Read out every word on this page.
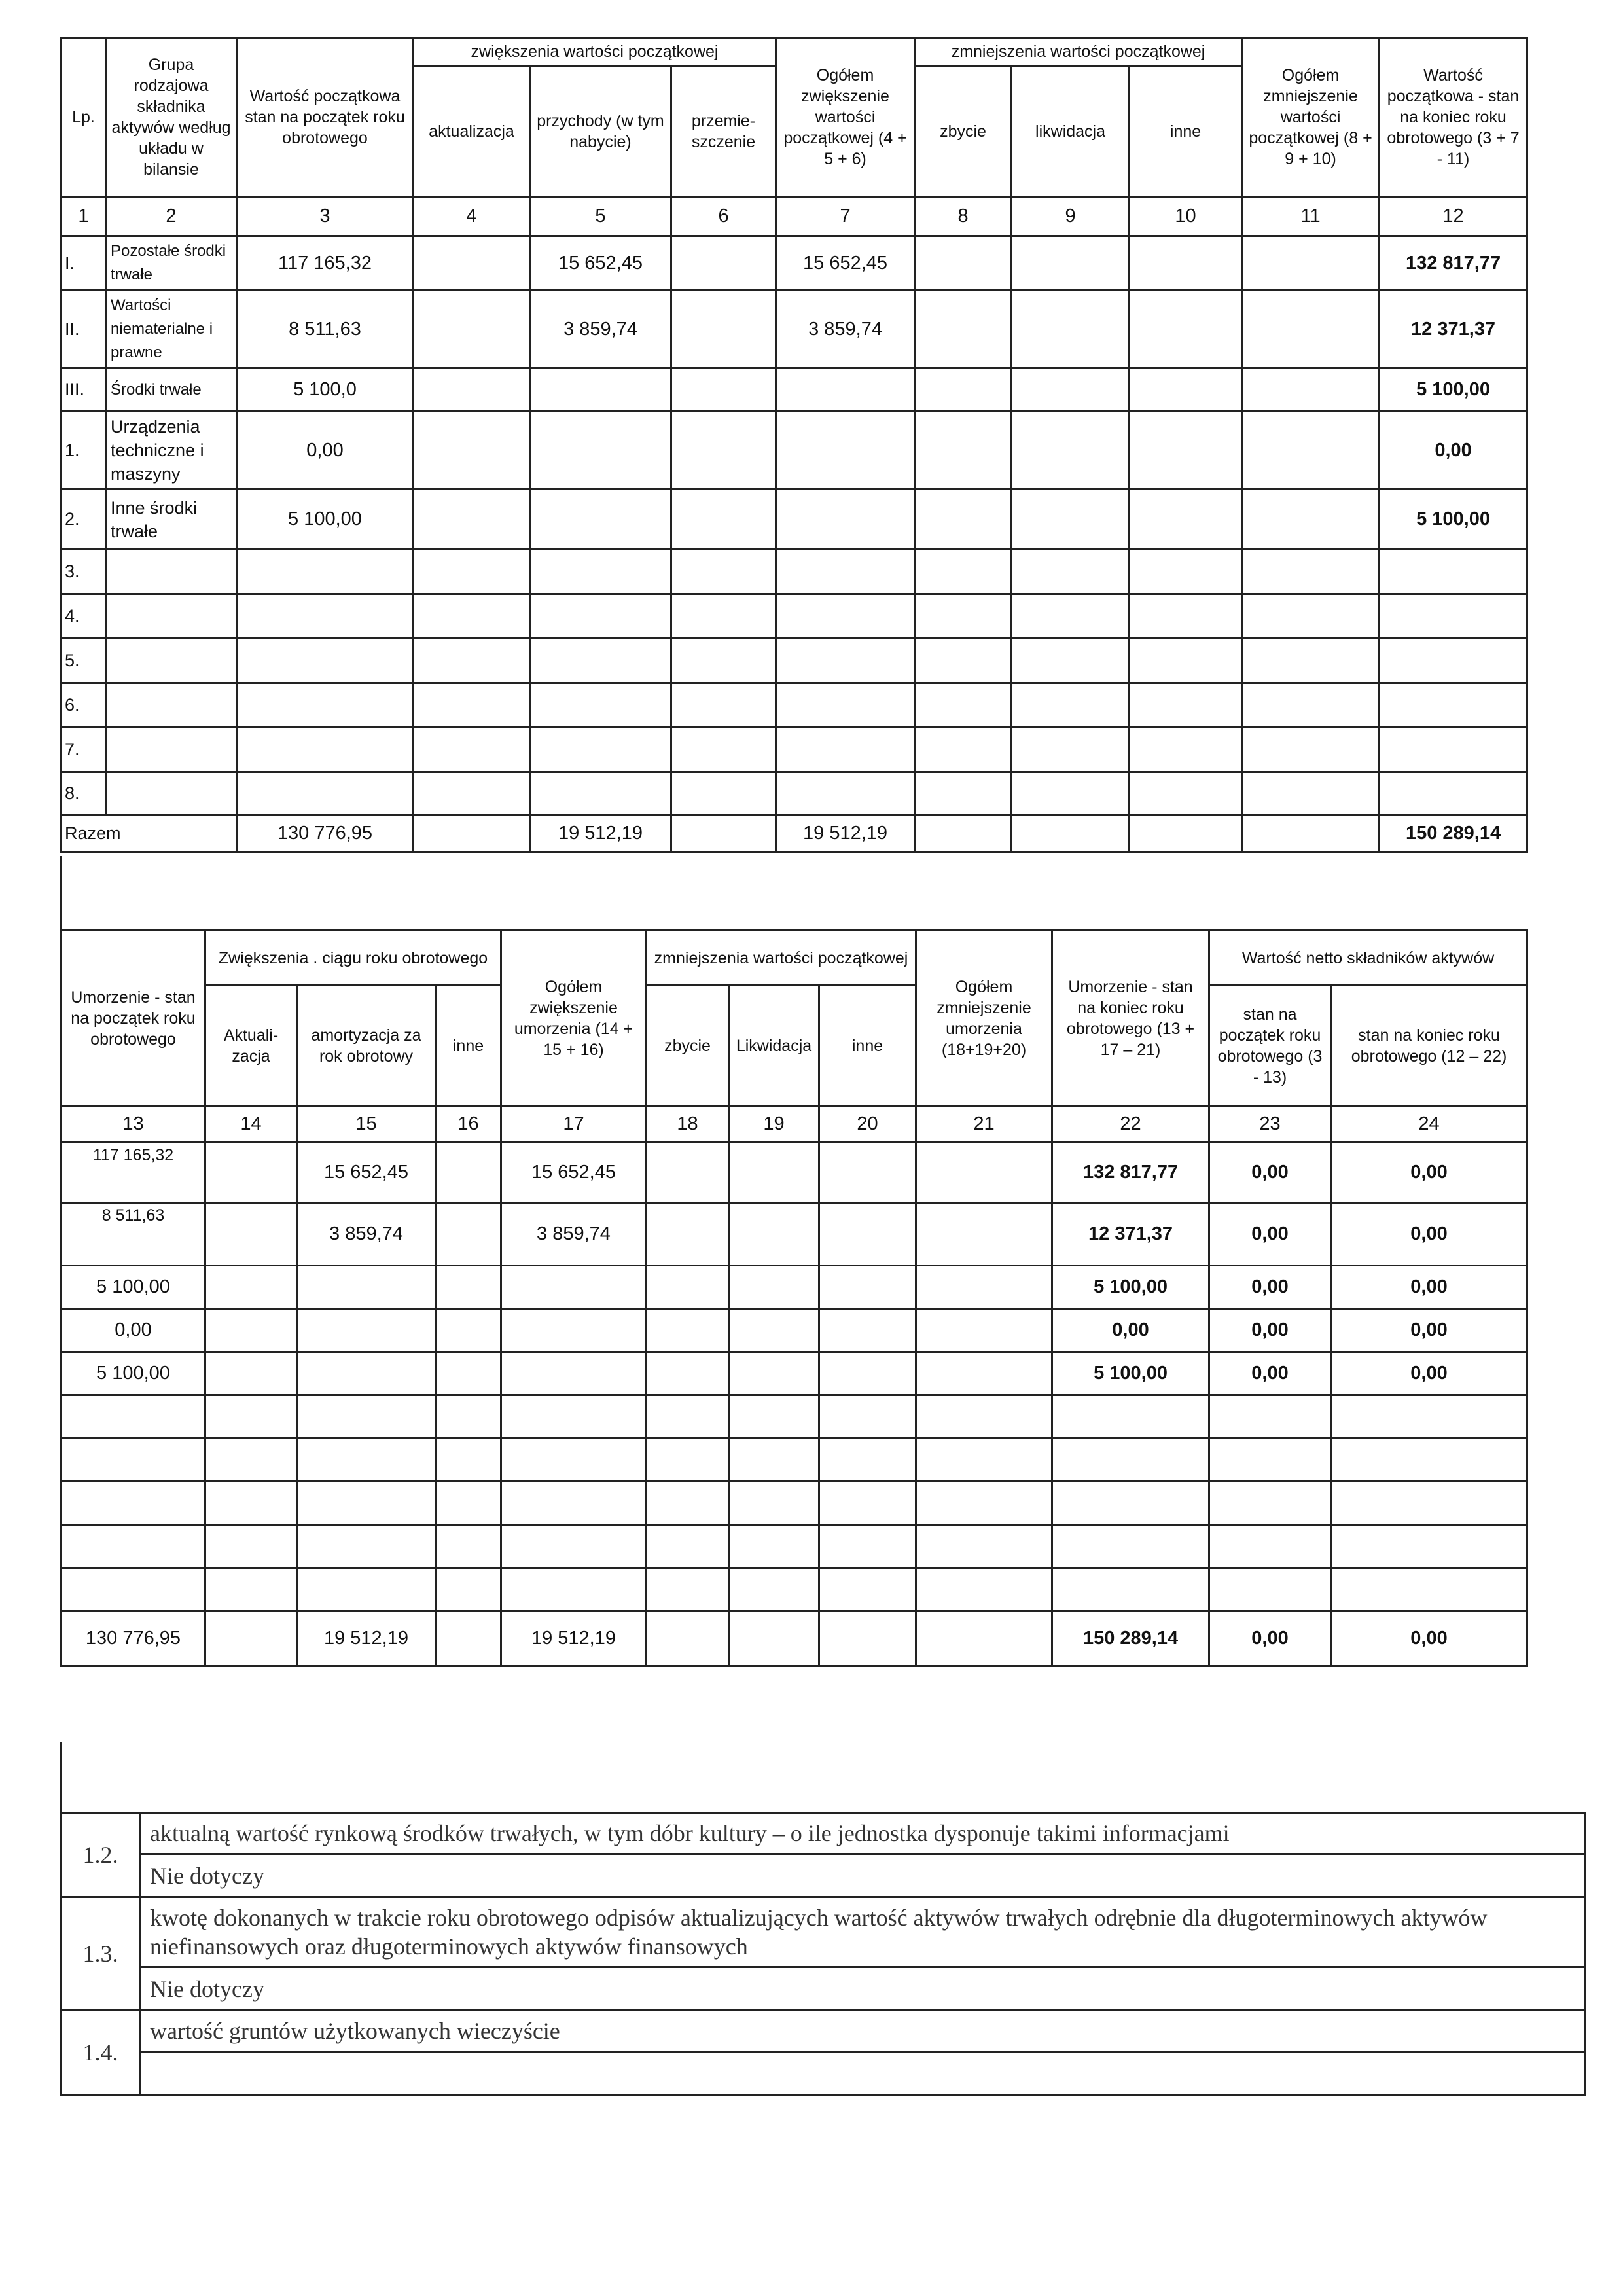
Lp.	Grupa rodzajowa składnika aktywów według układu w bilansie	Wartość początkowa stan na początek roku obrotowego	zwiększenia wartości początkowej			Ogółem zwiększenie wartości początkowej (4 + 5 + 6)	zmniejszenia wartości początkowej			Ogółem zmniejszenie wartości początkowej (8 + 9 + 10)	Wartość początkowa - stan na koniec roku obrotowego (3 + 7 - 11)
			aktualizacja	przychody (w tym nabycie)	przemie- szczenie		zbycie	likwidacja	inne		
1	2	3	4	5	6	7	8	9	10	11	12
I.	Pozostałe środki trwałe	117 165,32		15 652,45		15 652,45					132 817,77
II.	Wartości niematerialne i prawne	8 511,63		3 859,74		3 859,74					12 371,37
III.	Środki trwałe	5 100,0									5 100,00
1.	Urządzenia techniczne i maszyny	0,00									0,00
2.	Inne środki trwałe	5 100,00									5 100,00
3.											
4.											
5.											
6.											
7.											
8.											
Razem		130 776,95		19 512,19		19 512,19					150 289,14
Umorzenie - stan na początek roku obrotowego	Zwiększenia . ciągu roku obrotowego			Ogółem zwiększenie umorzenia (14 + 15 + 16)	zmniejszenia wartości początkowej			Ogółem zmniejszenie umorzenia (18+19+20)	Umorzenie - stan na koniec roku obrotowego (13 + 17 – 21)	Wartość netto składników aktywów	
	Aktuali- zacja	amortyzacja za rok obrotowy	inne		zbycie	Likwidacja	inne			stan na początek roku obrotowego (3 - 13)	stan na koniec roku obrotowego (12 – 22)
13	14	15	16	17	18	19	20	21	22	23	24
117 165,32		15 652,45		15 652,45					132 817,77	0,00	0,00
8 511,63		3 859,74		3 859,74					12 371,37	0,00	0,00
5 100,00									5 100,00	0,00	0,00
0,00									0,00	0,00	0,00
5 100,00									5 100,00	0,00	0,00

130 776,95		19 512,19		19 512,19					150 289,14	0,00	0,00
1.2.	aktualną wartość rynkową środków trwałych, w tym dóbr kultury – o ile jednostka dysponuje takimi informacjami
	Nie dotyczy
1.3.	kwotę dokonanych w trakcie roku obrotowego odpisów aktualizujących wartość aktywów trwałych odrębnie dla długoterminowych aktywów niefinansowych oraz długoterminowych aktywów finansowych
	Nie dotyczy
1.4.	wartość gruntów użytkowanych wieczyście
